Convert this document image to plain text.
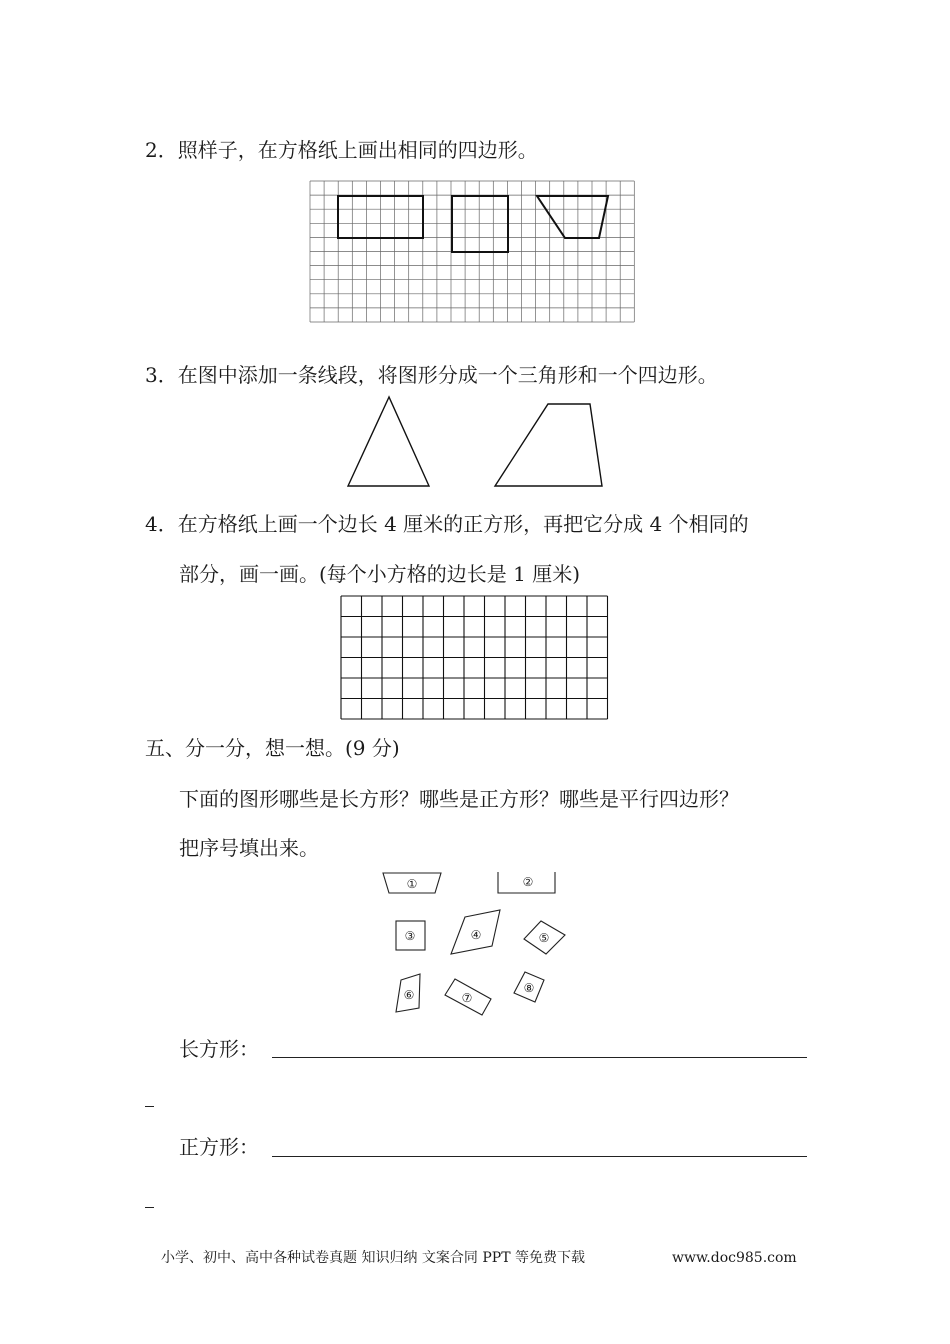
2．照样子，在方格纸上画出相同的四边形。
3．在图中添加一条线段，将图形分成一个三角形和一个四边形。
4．在方格纸上画一个边长 4 厘米的正方形，再把它分成 4 个相同的
部分，画一画。(每个小方格的边长是 1 厘米)
五、分一分，想一想。(9 分)
下面的图形哪些是长方形？哪些是正方形？哪些是平行四边形？
把序号填出来。
①	②
③	④	⑤
⑥	⑦
⑧
长方形：
正方形：
小学、初中、高中各种试卷真题 知识归纳 文案合同 PPT 等免费下载	www.doc985.com
